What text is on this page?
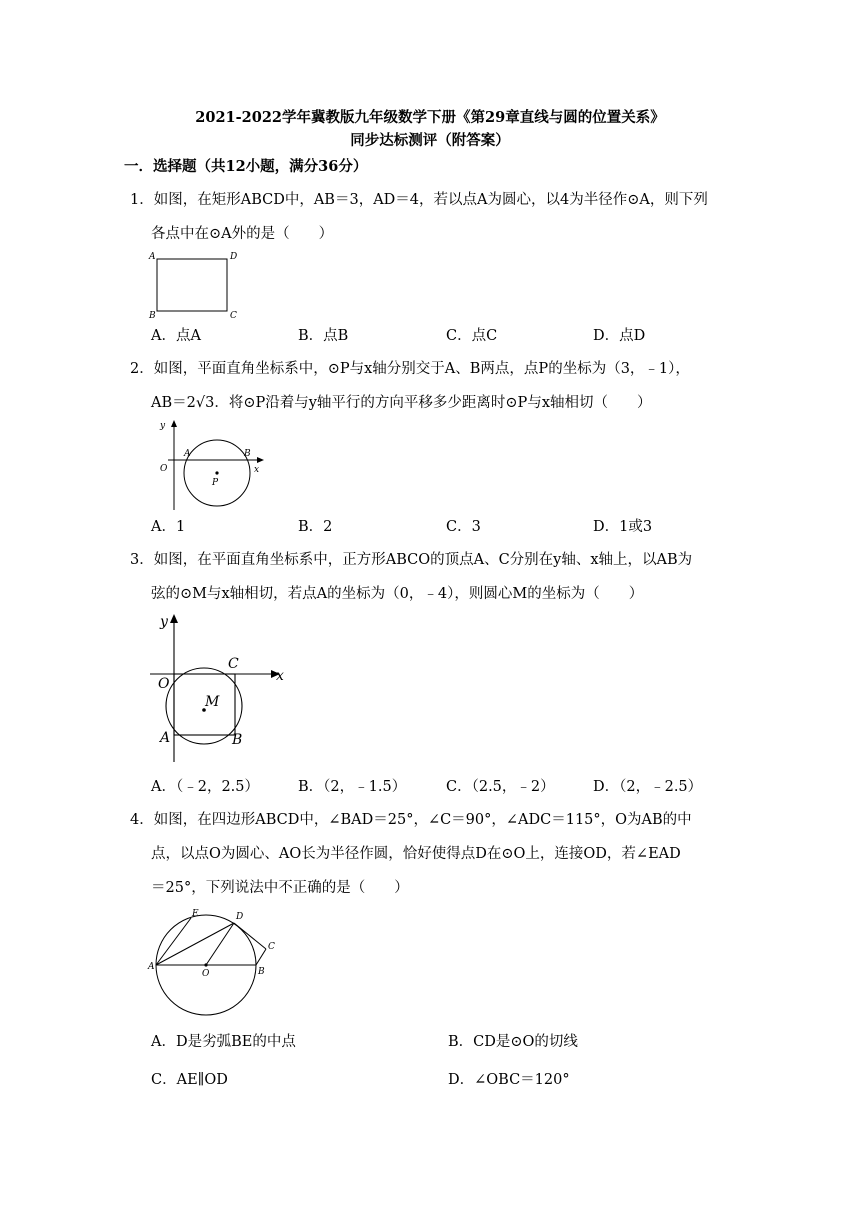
2021-2022学年冀教版九年级数学下册《第29章直线与圆的位置关系》
同步达标测评（附答案）
一．选择题（共12小题，满分36分）
1．如图，在矩形ABCD中，AB＝3，AD＝4，若以点A为圆心，以4为半径作⊙A，则下列
各点中在⊙A外的是（　　）
A	D
B	C
A．点A	B．点B	C．点C	D．点D
2．如图，平面直角坐标系中，⊙P与x轴分别交于A、B两点，点P的坐标为（3，﹣1），
AB＝2√3．将⊙P沿着与y轴平行的方向平移多少距离时⊙P与x轴相切（　　）
y
A	B
O	x
P
A．1	B．2	C．3	D．1或3
3．如图，在平面直角坐标系中，正方形ABCO的顶点A、C分别在y轴、x轴上，以AB为
弦的⊙M与x轴相切，若点A的坐标为（0，﹣4），则圆心M的坐标为（　　）
y
C
O	x
M
A	B
A．（﹣2，2.5）	B．（2，﹣1.5）	C．（2.5，﹣2）	D．（2，﹣2.5）
4．如图，在四边形ABCD中，∠BAD＝25°，∠C＝90°，∠ADC＝115°，O为AB的中
点，以点O为圆心、AO长为半径作圆，恰好使得点D在⊙O上，连接OD，若∠EAD
＝25°，下列说法中不正确的是（　　）
E	D
C
A
O	B
A．D是劣弧BE的中点	B．CD是⊙O的切线
C．AE∥OD	D．∠OBC＝120°
